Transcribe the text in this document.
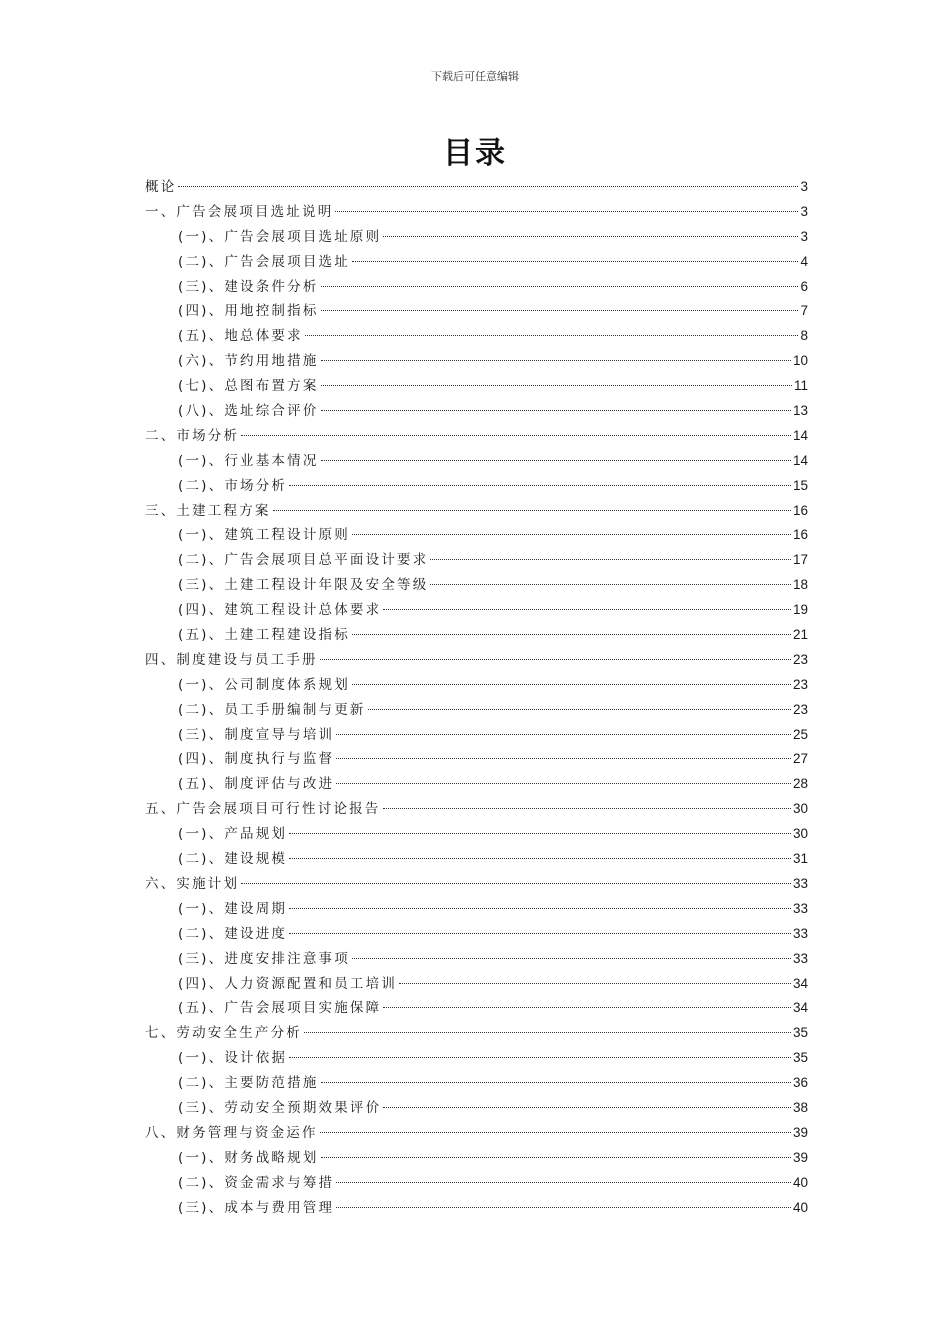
下载后可任意编辑
目录
概论	3
一、广告会展项目选址说明	3
(一)、广告会展项目选址原则	3
(二)、广告会展项目选址	4
(三)、建设条件分析	6
(四)、用地控制指标	7
(五)、地总体要求	8
(六)、节约用地措施	10
(七)、总图布置方案	11
(八)、选址综合评价	13
二、市场分析	14
(一)、行业基本情况	14
(二)、市场分析	15
三、土建工程方案	16
(一)、建筑工程设计原则	16
(二)、广告会展项目总平面设计要求	17
(三)、土建工程设计年限及安全等级	18
(四)、建筑工程设计总体要求	19
(五)、土建工程建设指标	21
四、制度建设与员工手册	23
(一)、公司制度体系规划	23
(二)、员工手册编制与更新	23
(三)、制度宣导与培训	25
(四)、制度执行与监督	27
(五)、制度评估与改进	28
五、广告会展项目可行性讨论报告	30
(一)、产品规划	30
(二)、建设规模	31
六、实施计划	33
(一)、建设周期	33
(二)、建设进度	33
(三)、进度安排注意事项	33
(四)、人力资源配置和员工培训	34
(五)、广告会展项目实施保障	34
七、劳动安全生产分析	35
(一)、设计依据	35
(二)、主要防范措施	36
(三)、劳动安全预期效果评价	38
八、财务管理与资金运作	39
(一)、财务战略规划	39
(二)、资金需求与筹措	40
(三)、成本与费用管理	40
